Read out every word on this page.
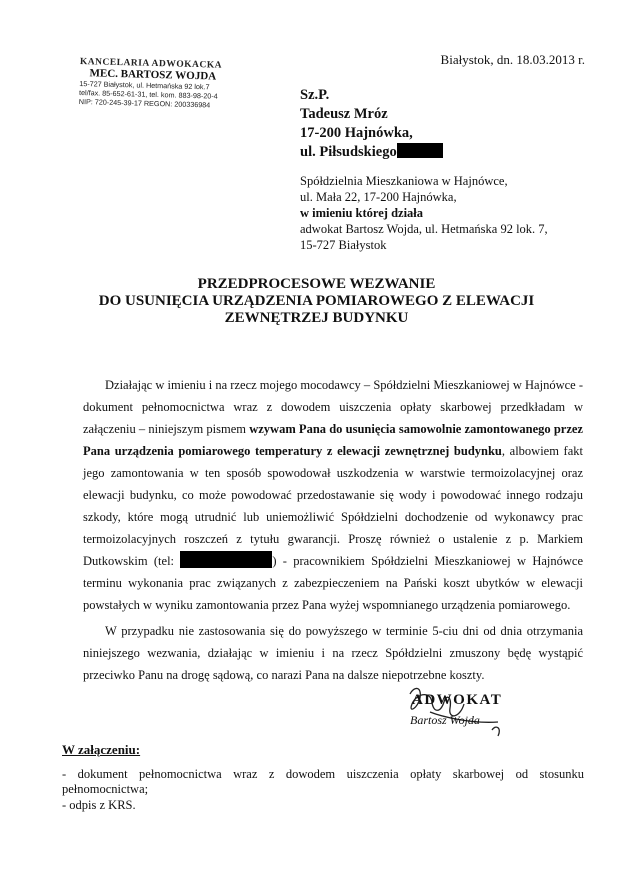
KANCELARIA ADWOKACKA
MEC. BARTOSZ WOJDA
15-727 Białystok, ul. Hetmańska 92 lok.7
tel/fax. 85-652-61-31, tel. kom. 883-98-20-4
NIP: 720-245-39-17 REGON: 200336984
Białystok, dn. 18.03.2013 r.
Sz.P.
Tadeusz Mróz
17-200 Hajnówka,
ul. Piłsudskiego
Spółdzielnia Mieszkaniowa w Hajnówce,
ul. Mała 22, 17-200 Hajnówka,
w imieniu której działa
adwokat Bartosz Wojda, ul. Hetmańska 92 lok. 7,
15-727 Białystok
PRZEDPROCESOWE WEZWANIE
DO USUNIĘCIA URZĄDZENIA POMIAROWEGO Z ELEWACJI
ZEWNĘTRZEJ BUDYNKU
Działając w imieniu i na rzecz mojego mocodawcy – Spółdzielni Mieszkaniowej w Hajnówce - dokument pełnomocnictwa wraz z dowodem uiszczenia opłaty skarbowej przedkładam w załączeniu – niniejszym pismem wzywam Pana do usunięcia samowolnie zamontowanego przez Pana urządzenia pomiarowego temperatury z elewacji zewnętrznej budynku, albowiem fakt jego zamontowania w ten sposób spowodował uszkodzenia w warstwie termoizolacyjnej oraz elewacji budynku, co może powodować przedostawanie się wody i powodować innego rodzaju szkody, które mogą utrudnić lub uniemożliwić Spółdzielni dochodzenie od wykonawcy prac termoizolacyjnych roszczeń z tytułu gwarancji. Proszę również o ustalenie z p. Markiem Dutkowskim (tel:	) - pracownikiem Spółdzielni Mieszkaniowej w Hajnówce terminu wykonania prac związanych z zabezpieczeniem na Pański koszt ubytków w elewacji powstałych w wyniku zamontowania przez Pana wyżej wspomnianego urządzenia pomiarowego.
W przypadku nie zastosowania się do powyższego w terminie 5-ciu dni od dnia otrzymania niniejszego wezwania, działając w imieniu i na rzecz Spółdzielni zmuszony będę wystąpić przeciwko Panu na drogę sądową, co narazi Pana na dalsze niepotrzebne koszty.
ADWOKAT
Bartosz Wojda
W załączeniu:
- dokument pełnomocnictwa wraz z dowodem uiszczenia opłaty skarbowej od stosunku pełnomocnictwa;
- odpis z KRS.
